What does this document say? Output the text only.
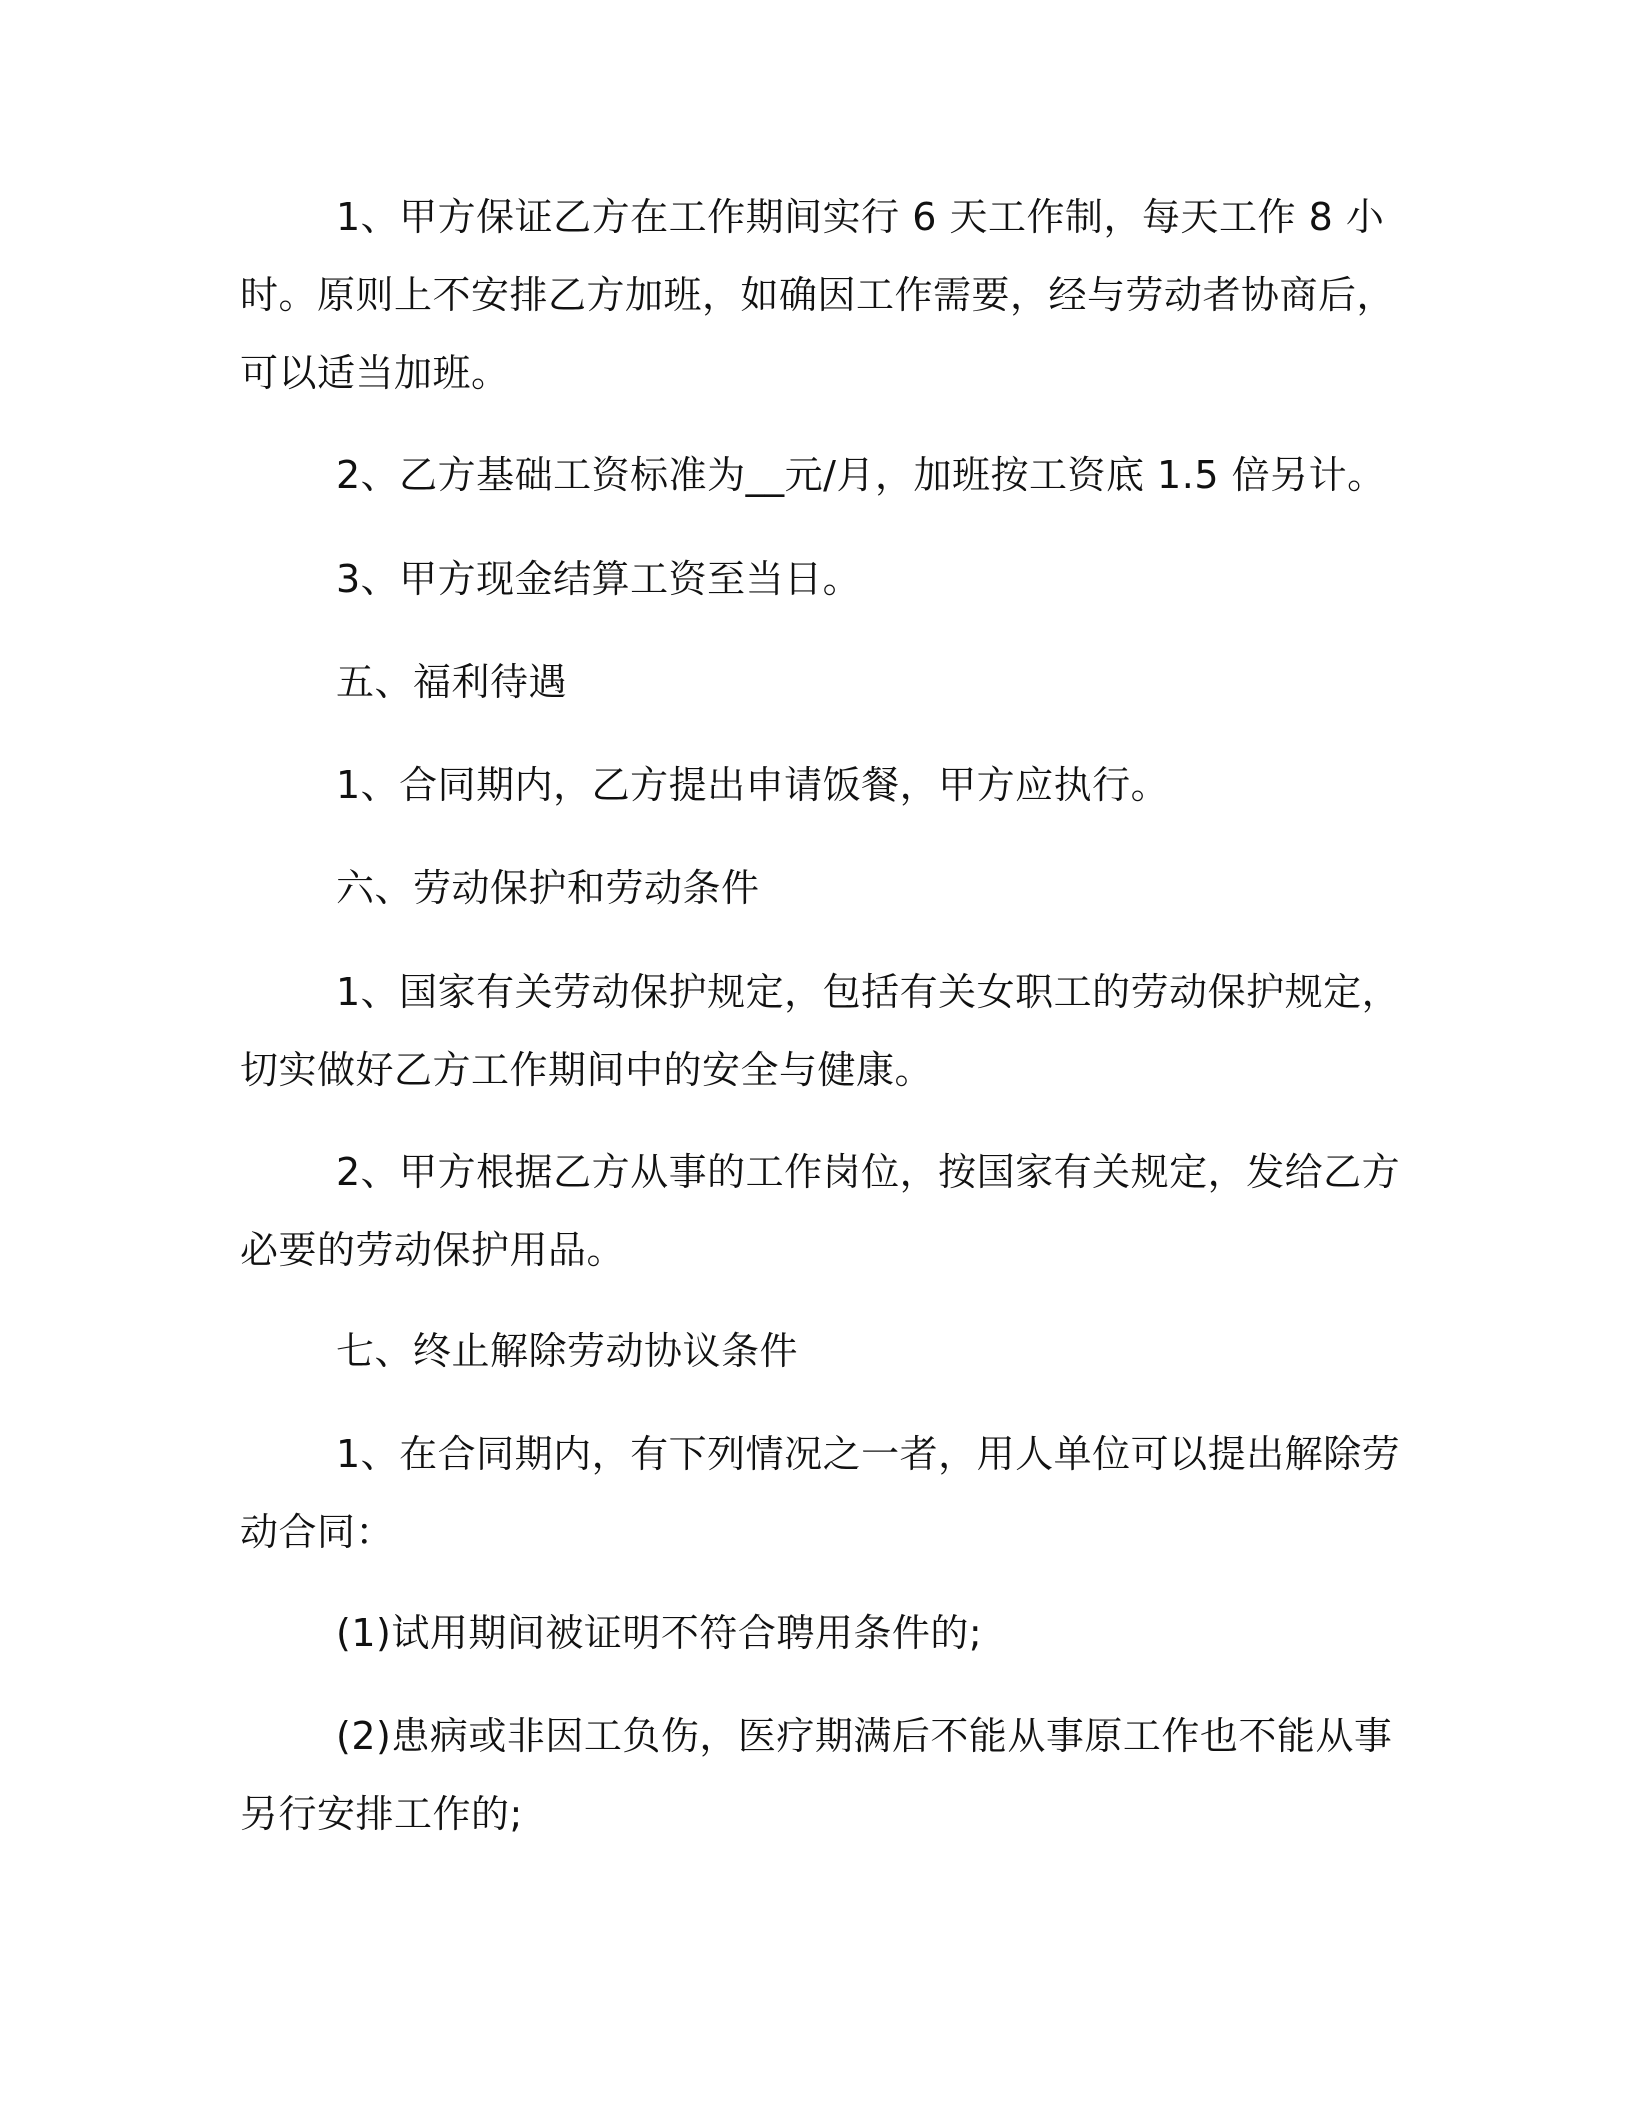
1、甲方保证乙方在工作期间实行 6 天工作制，每天工作 8 小时。原则上不安排乙方加班，如确因工作需要，经与劳动者协商后，可以适当加班。

2、乙方基础工资标准为__元/月，加班按工资底 1.5 倍另计。

3、甲方现金结算工资至当日。

五、福利待遇

1、合同期内，乙方提出申请饭餐，甲方应执行。

六、劳动保护和劳动条件

1、国家有关劳动保护规定，包括有关女职工的劳动保护规定，切实做好乙方工作期间中的安全与健康。

2、甲方根据乙方从事的工作岗位，按国家有关规定，发给乙方必要的劳动保护用品。

七、终止解除劳动协议条件

1、在合同期内，有下列情况之一者，用人单位可以提出解除劳动合同：

(1)试用期间被证明不符合聘用条件的;

(2)患病或非因工负伤，医疗期满后不能从事原工作也不能从事另行安排工作的;
